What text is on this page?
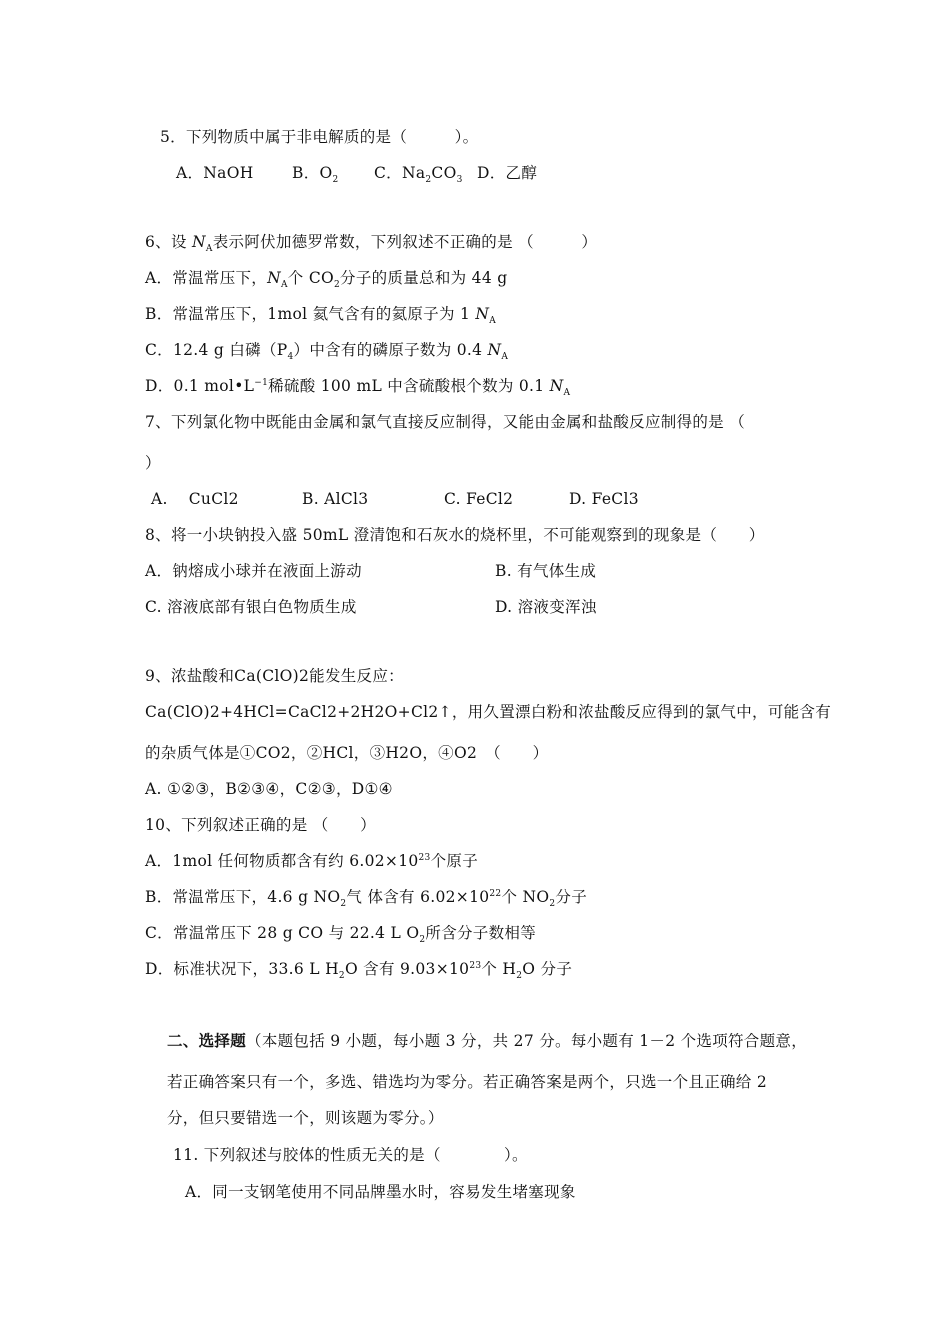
5．下列物质中属于非电解质的是（　　　）。
A．NaOH B．$O_2$ C．$Na_2CO_3$ D．乙醇
6、设 $N_A$表示阿伏加德罗常数，下列叙述不正确的是 （　　　）
A．常温常压下，$N_A$个 $CO_2$分子的质量总和为 44 g
B．常温常压下，1mol 氦气含有的氦原子为 1 $N_A$
C．12.4 g 白磷$(P_4)$中含有的磷原子数为 0.4 $N_A$
D．0.1 $mol•L^{-1}$稀硫酸 100 mL 中含硫酸根个数为 0.1 $N_A$
7、下列氯化物中既能由金属和氯气直接反应制得，又能由金属和盐酸反应制得的是 （
）
A.　 CuCl2	B. AlCl3	C. FeCl2	D. FeCl3
8、将一小块钠投入盛 50mL 澄清饱和石灰水的烧杯里，不可能观察到的现象是（　　）
A．钠熔成小球并在液面上游动	B. 有气体生成
C. 溶液底部有银白色物质生成	D. 溶液变浑浊
9、浓盐酸和Ca(ClO)2能发生反应：
Ca(ClO)2+4HCl=CaCl2+2H2O+Cl2↑，用久置漂白粉和浓盐酸反应得到的氯气中，可能含有
的杂质气体是①CO2，②HCl，③H2O，④O2　（　　）
A. ①②③，B②③④，C②③，D①④
10、下列叙述正确的是 （　　）
A．1mol 任何物质都含有约 $6.02\times 10^{23}$个原子
B．常温常压下，4.6 g $NO_2$气 体含有 $6.02\times 10^{22}$个 $NO_2$分子
C．常温常压下 28 g CO 与 22.4 L $O_2$所含分子数相等
D．标准状况下，33.6 L $H_2O$ 含有 $9.03\times 10^{23}$个 $H_2O$ 分子
二、选择题（本题包括 9 小题，每小题 3 分，共 27 分。每小题有 1－2 个选项符合题意，
若正确答案只有一个，多选、错选均为零分。若正确答案是两个，只选一个且正确给 2
分，但只要错选一个，则该题为零分。）
11. 下列叙述与胶体的性质无关的是（　　　　）。
A．同一支钢笔使用不同品牌墨水时，容易发生堵塞现象
